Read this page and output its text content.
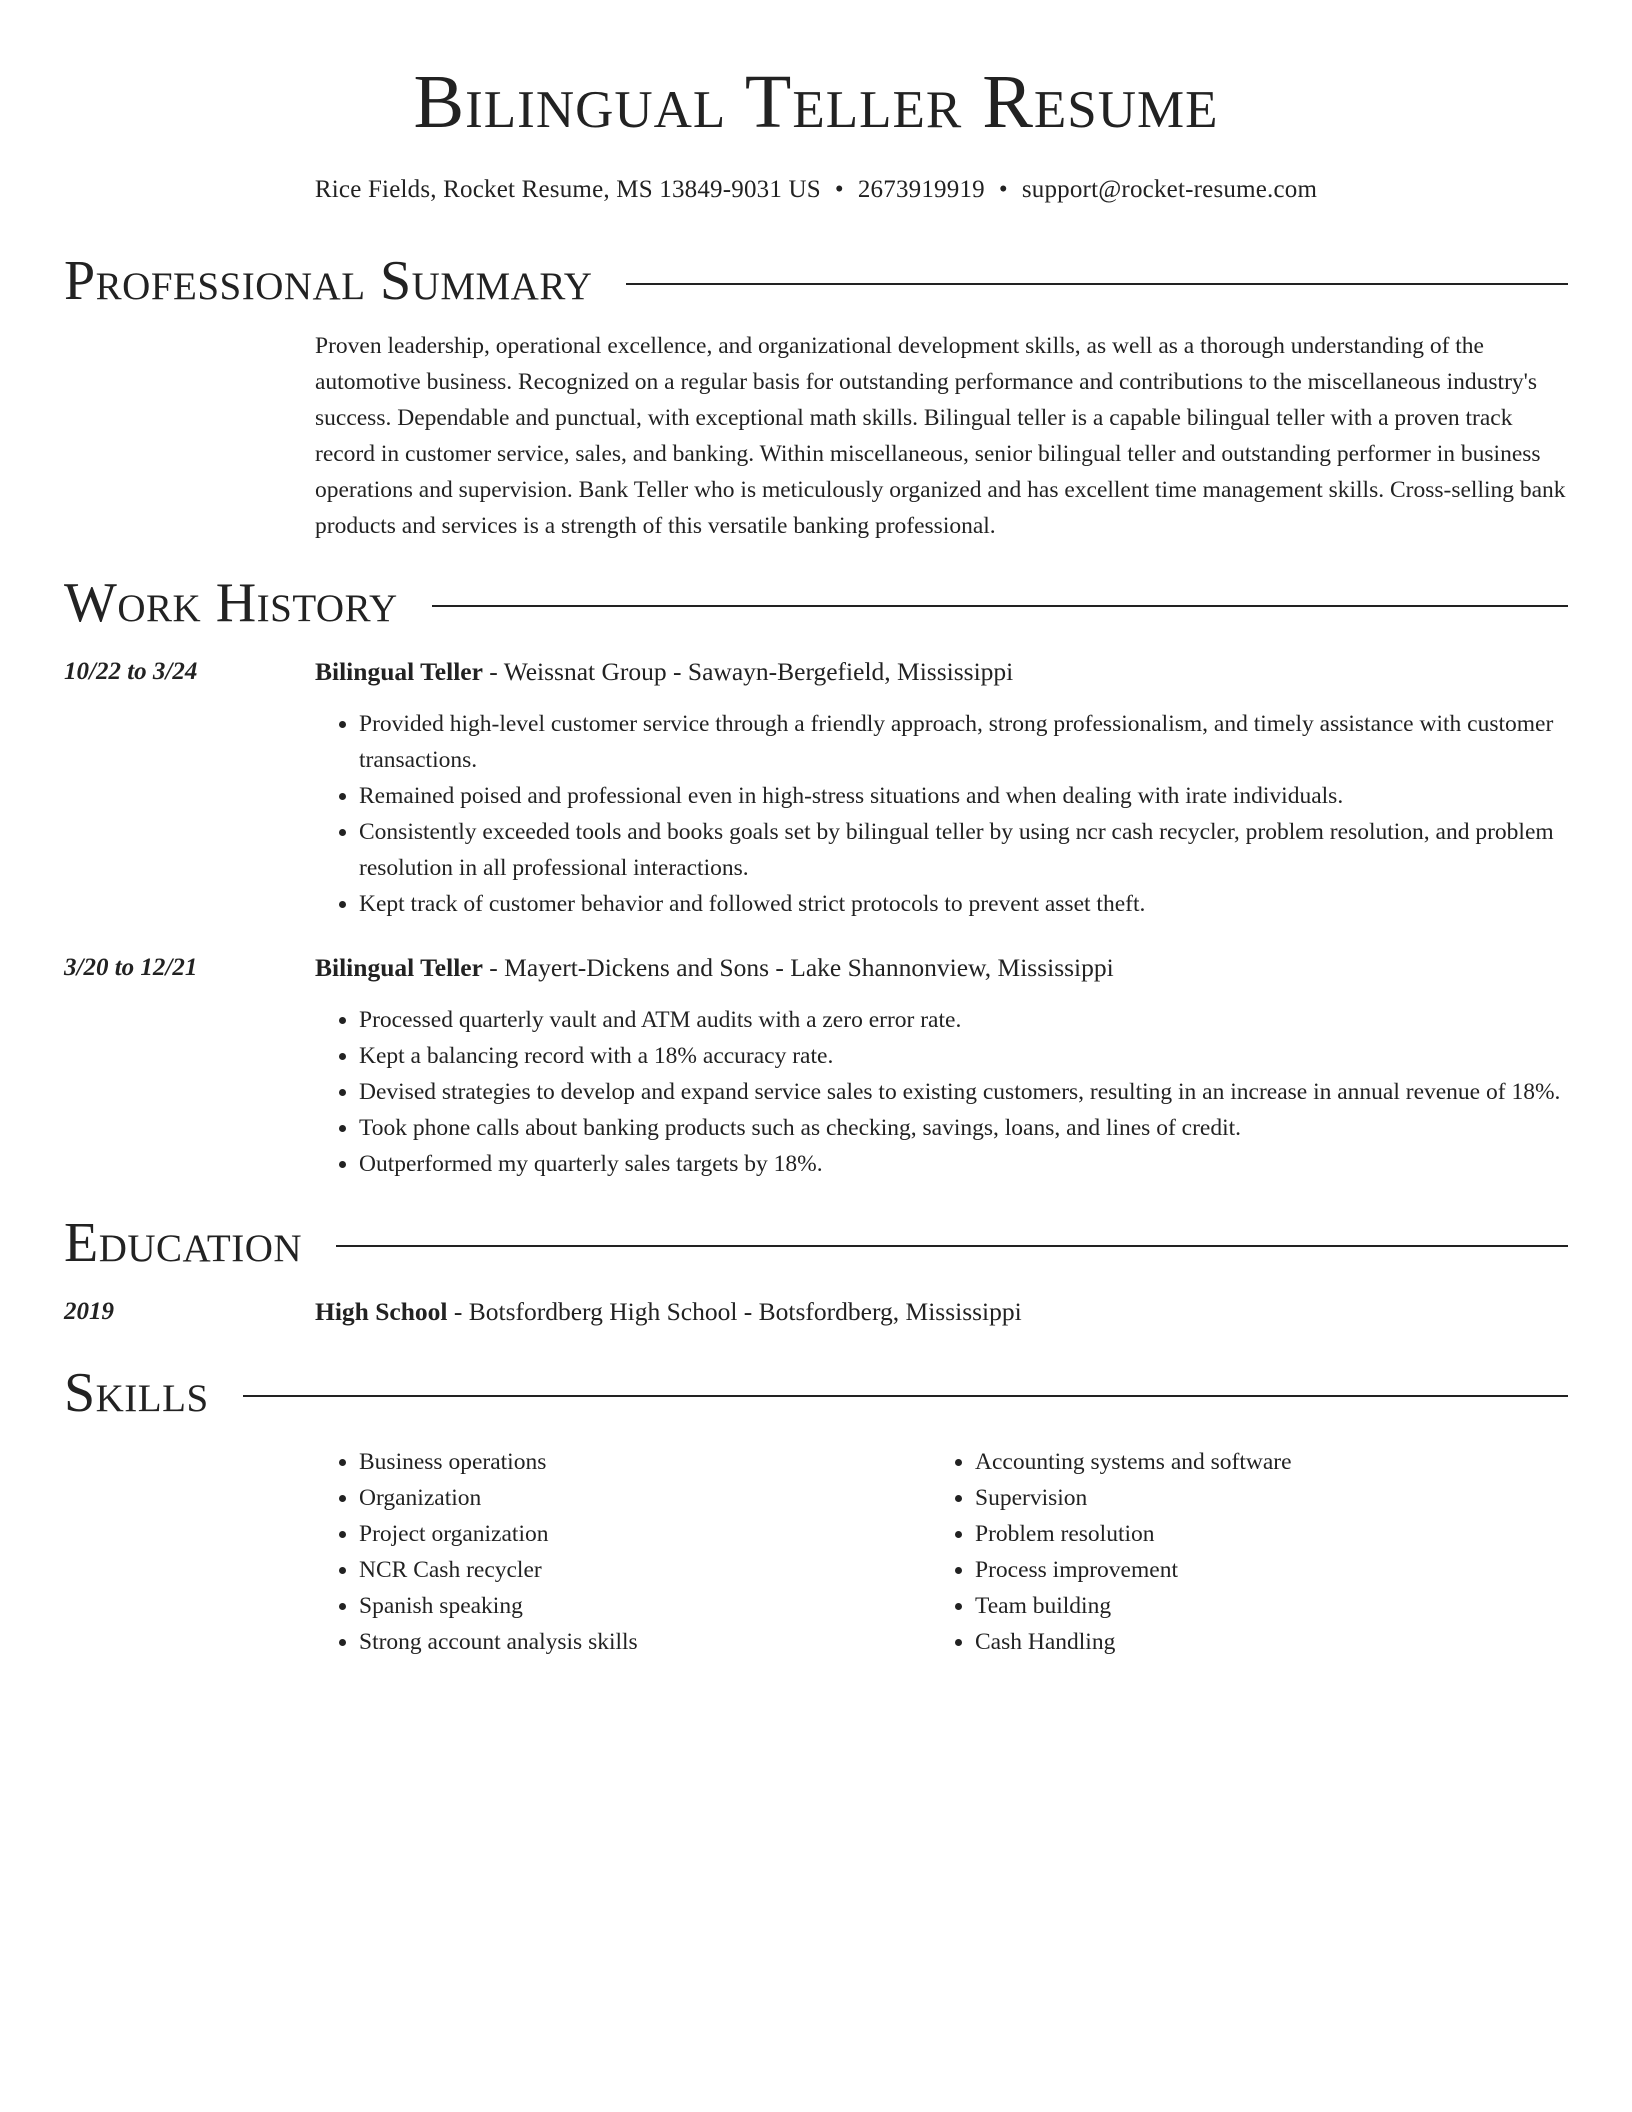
Bilingual Teller Resume
Rice Fields, Rocket Resume, MS 13849-9031 US • 2673919919 • support@rocket-resume.com
Professional Summary

Proven leadership, operational excellence, and organizational development skills, as well as a thorough understanding of the automotive business. Recognized on a regular basis for outstanding performance and contributions to the miscellaneous industry's success. Dependable and punctual, with exceptional math skills. Bilingual teller is a capable bilingual teller with a proven track record in customer service, sales, and banking. Within miscellaneous, senior bilingual teller and outstanding performer in business operations and supervision. Bank Teller who is meticulously organized and has excellent time management skills. Cross-selling bank products and services is a strength of this versatile banking professional.

Work History
10/22 to 3/24	Bilingual Teller - Weissnat Group - Sawayn-Bergefield, Mississippi
• Provided high-level customer service through a friendly approach, strong professionalism, and timely assistance with customer transactions.
• Remained poised and professional even in high-stress situations and when dealing with irate individuals.
• Consistently exceeded tools and books goals set by bilingual teller by using ncr cash recycler, problem resolution, and problem resolution in all professional interactions.
• Kept track of customer behavior and followed strict protocols to prevent asset theft.
3/20 to 12/21	Bilingual Teller - Mayert-Dickens and Sons - Lake Shannonview, Mississippi
• Processed quarterly vault and ATM audits with a zero error rate.
• Kept a balancing record with a 18% accuracy rate.
• Devised strategies to develop and expand service sales to existing customers, resulting in an increase in annual revenue of 18%.
• Took phone calls about banking products such as checking, savings, loans, and lines of credit.
• Outperformed my quarterly sales targets by 18%.
Education
2019	High School - Botsfordberg High School - Botsfordberg, Mississippi
Skills
• Business operations
• Organization
• Project organization
• NCR Cash recycler
• Spanish speaking
• Strong account analysis skills
• Accounting systems and software
• Supervision
• Problem resolution
• Process improvement
• Team building
• Cash Handling
